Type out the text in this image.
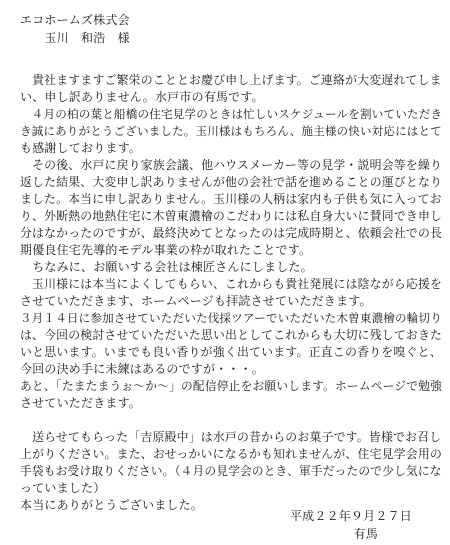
エコホームズ株式会
　　玉川　和浩　様
　貴社ますますご繁栄のこととお慶び申し上げます。ご連絡が大変遅れてしま
い、申し訳ありません。水戸市の有馬です。
　４月の柏の葉と船橋の住宅見学のときは忙しいスケジュールを割いていただき
き誠にありがとうございました。玉川様はもちろん、施主様の快い対応にはとて
も感謝しております。
　その後、水戸に戻り家族会議、他ハウスメーカー等の見学・説明会等を繰り
返した結果、大変申し訳ありませんが他の会社で話を進めることの運びとなり
ました。本当に申し訳ありません。玉川様の人柄は家内も子供も気に入ってお
り、外断熱の地熱住宅に木曽東濃檜のこだわりには私自身大いに賛同でき申し
分はなかったのですが、最終決めてとなったのは完成時期と、依頼会社での長
期優良住宅先導的モデル事業の枠が取れたことです。
　ちなみに、お願いする会社は棟匠さんにしました。
　玉川様には本当によくしてもらい、これからも貴社発展には陰ながら応援を
させていただきます、ホームページも拝読させていただきます。
３月１４日に参加させていただいた伐採ツアーでいただいた木曽東濃檜の輪切り
は、今回の検討させていただいた思い出としてこれからも大切に残しておきた
いと思います。いまでも良い香りが強く出ています。正直この香りを嗅ぐと、
今回の決め手に未練はあるのですが・・・。
あと、「たまたまうぉ〜か〜」の配信停止をお願いします。ホームページで勉強
させていただきます。
　送らせてもらった「吉原殿中」は水戸の昔からのお菓子です。皆様でお召し
上がりください。また、おせっかいになるかも知れませんが、住宅見学会用の
手袋もお受け取りください。（４月の見学会のとき、軍手だったので少し気にな
っていました）
本当にありがとうございました。
平成２２年９月２７日
有馬
